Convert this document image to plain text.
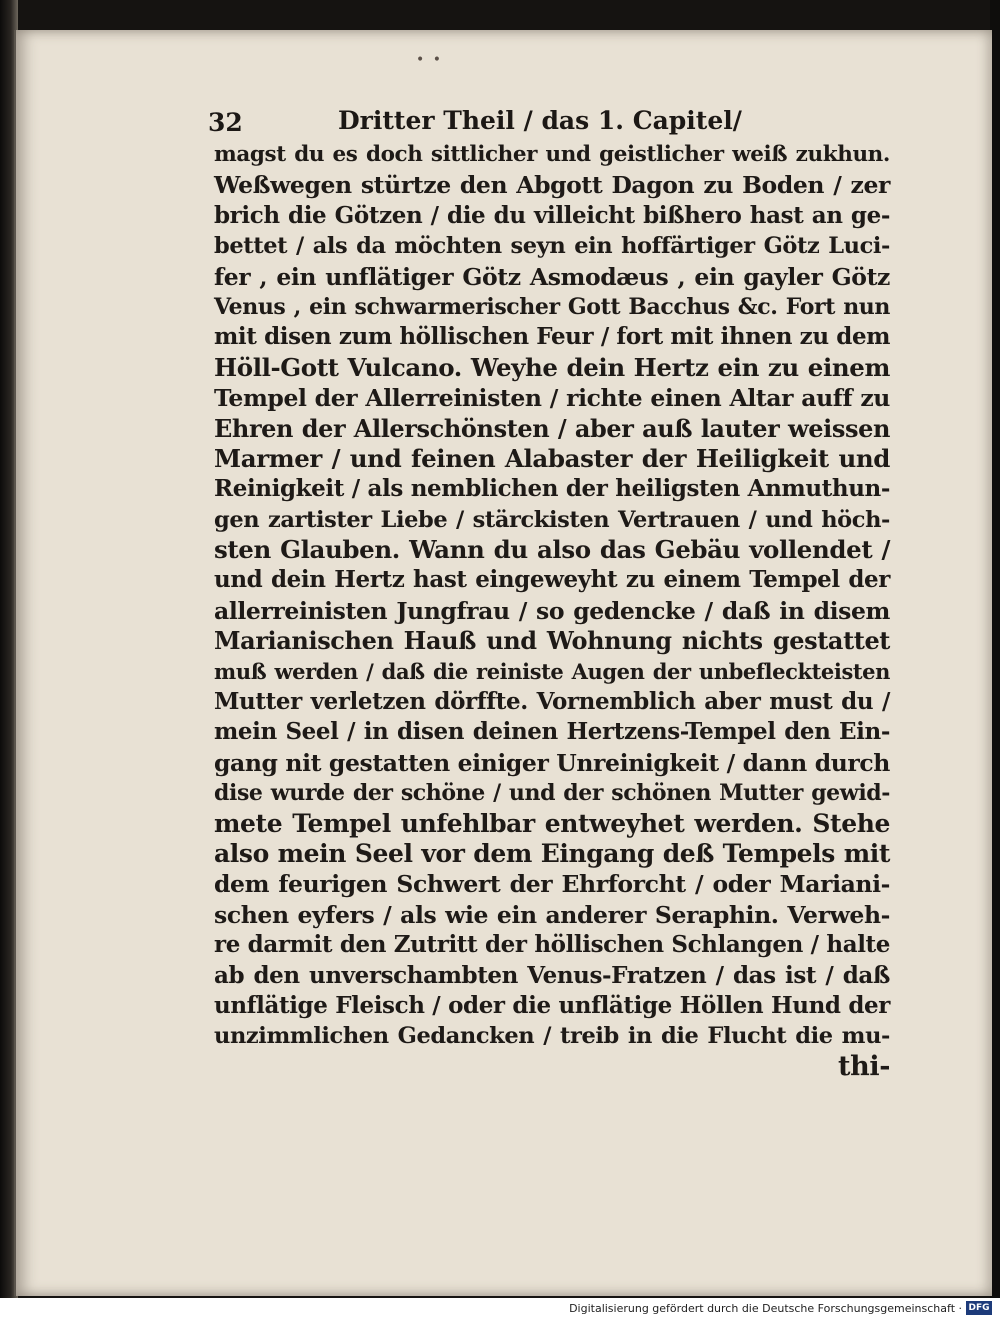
• •
32	Dritter Theil / das 1. Capitel/
magst du es doch sittlicher und geistlicher weiß zukhun.
Weßwegen stürtze den Abgott Dagon zu Boden / zer
brich die Götzen / die du villeicht bißhero hast an ge-
bettet / als da möchten seyn ein hoffärtiger Götz Luci-
fer , ein unflätiger Götz Asmodæus , ein gayler Götz
Venus , ein schwarmerischer Gott Bacchus &c. Fort nun
mit disen zum höllischen Feur / fort mit ihnen zu dem
Höll-Gott Vulcano. Weyhe dein Hertz ein zu einem
Tempel der Allerreinisten / richte einen Altar auff zu
Ehren der Allerschönsten / aber auß lauter weissen
Marmer / und feinen Alabaster der Heiligkeit und
Reinigkeit / als nemblichen der heiligsten Anmuthun-
gen zartister Liebe / stärckisten Vertrauen / und höch-
sten Glauben. Wann du also das Gebäu vollendet /
und dein Hertz hast eingeweyht zu einem Tempel der
allerreinisten Jungfrau / so gedencke / daß in disem
Marianischen Hauß und Wohnung nichts gestattet
muß werden / daß die reiniste Augen der unbefleckteisten
Mutter verletzen dörffte. Vornemblich aber must du /
mein Seel / in disen deinen Hertzens-Tempel den Ein-
gang nit gestatten einiger Unreinigkeit / dann durch
dise wurde der schöne / und der schönen Mutter gewid-
mete Tempel unfehlbar entweyhet werden. Stehe
also mein Seel vor dem Eingang deß Tempels mit
dem feurigen Schwert der Ehrforcht / oder Mariani-
schen eyfers / als wie ein anderer Seraphin. Verweh-
re darmit den Zutritt der höllischen Schlangen / halte
ab den unverschambten Venus-Fratzen / das ist / daß
unflätige Fleisch / oder die unflätige Höllen Hund der
unzimmlichen Gedancken / treib in die Flucht die mu-
thi-
Digitalisierung gefördert durch die Deutsche Forschungsgemeinschaft · DFG
